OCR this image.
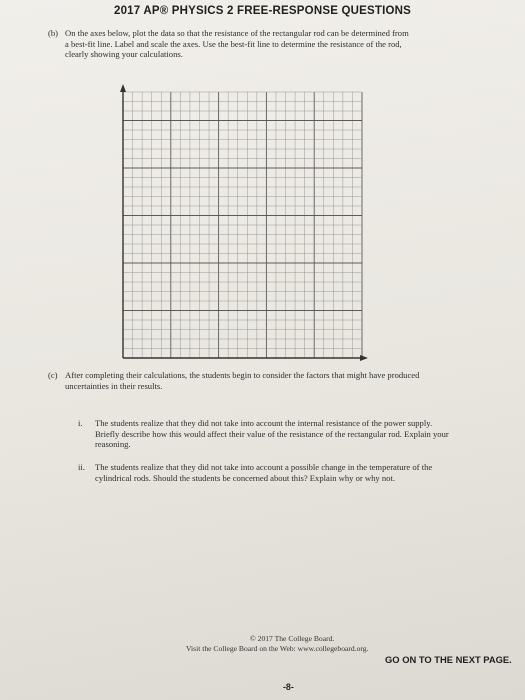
2017 AP® PHYSICS 2 FREE-RESPONSE QUESTIONS
(b) On the axes below, plot the data so that the resistance of the rectangular rod can be determined from
a best-fit line. Label and scale the axes. Use the best-fit line to determine the resistance of the rod,
clearly showing your calculations.
(c) After completing their calculations, the students begin to consider the factors that might have produced
uncertainties in their results.
i. The students realize that they did not take into account the internal resistance of the power supply.
Briefly describe how this would affect their value of the resistance of the rectangular rod. Explain your
reasoning.
ii. The students realize that they did not take into account a possible change in the temperature of the
cylindrical rods. Should the students be concerned about this? Explain why or why not.
© 2017 The College Board.
Visit the College Board on the Web: www.collegeboard.org.
GO ON TO THE NEXT PAGE.
-8-
